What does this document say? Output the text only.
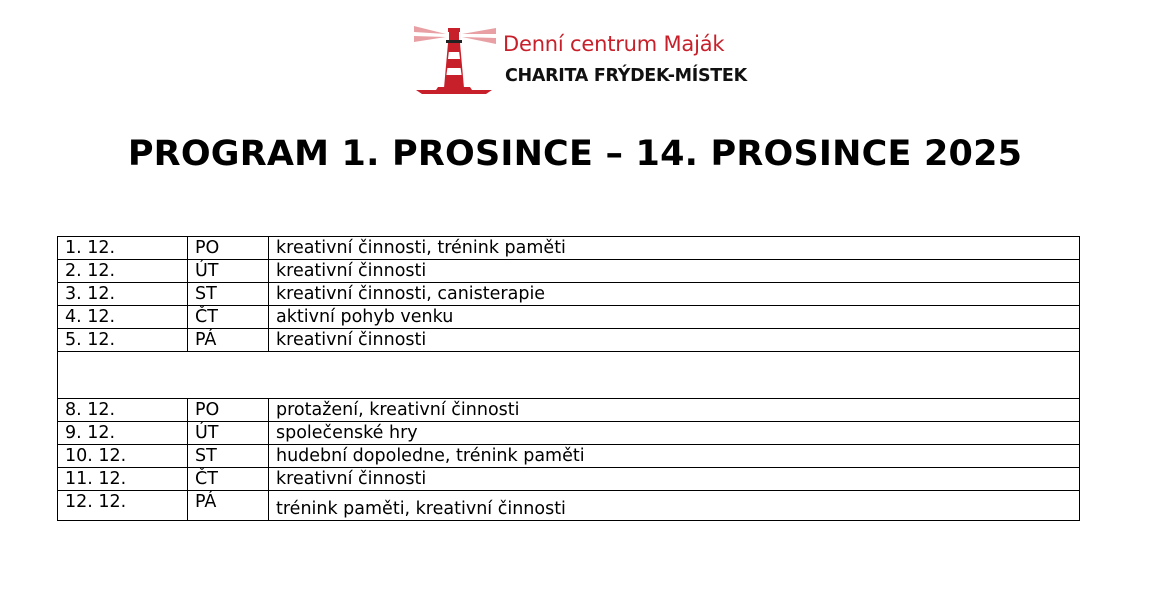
Denní centrum Maják
CHARITA FRÝDEK-MÍSTEK
PROGRAM 1. PROSINCE – 14. PROSINCE 2025
1. 12.	PO	kreativní činnosti, trénink paměti
2. 12.	ÚT	kreativní činnosti
3. 12.	ST	kreativní činnosti, canisterapie
4. 12.	ČT	aktivní pohyb venku
5. 12.	PÁ	kreativní činnosti

8. 12.	PO	protažení, kreativní činnosti
9. 12.	ÚT	společenské hry
10. 12.	ST	hudební dopoledne, trénink paměti
11. 12.	ČT	kreativní činnosti
12. 12.	PÁ	trénink paměti, kreativní činnosti
